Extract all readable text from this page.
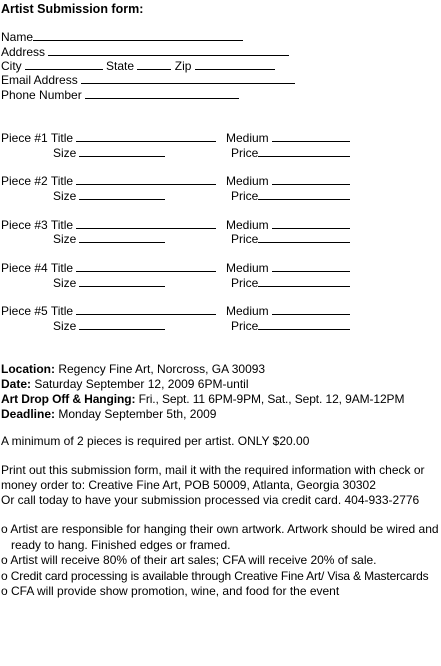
Artist Submission form:
Name
Address
City	State	Zip
Email Address
Phone Number
Piece #1 Title	Medium
Size	Price
Piece #2 Title	Medium
Size	Price
Piece #3 Title	Medium
Size	Price
Piece #4 Title	Medium
Size	Price
Piece #5 Title	Medium
Size	Price
Location: Regency Fine Art, Norcross, GA 30093
Date: Saturday September 12, 2009 6PM-until
Art Drop Off & Hanging: Fri., Sept. 11 6PM-9PM, Sat., Sept. 12, 9AM-12PM
Deadline: Monday September 5th, 2009
A minimum of 2 pieces is required per artist. ONLY $20.00
Print out this submission form, mail it with the required information with check or
money order to: Creative Fine Art, POB 50009, Atlanta, Georgia 30302
Or call today to have your submission processed via credit card. 404-933-2776
o Artist are responsible for hanging their own artwork. Artwork should be wired and
ready to hang. Finished edges or framed.
o Artist will receive 80% of their art sales; CFA will receive 20% of sale.
o Credit card processing is available through Creative Fine Art/ Visa & Mastercards
o CFA will provide show promotion, wine, and food for the event
